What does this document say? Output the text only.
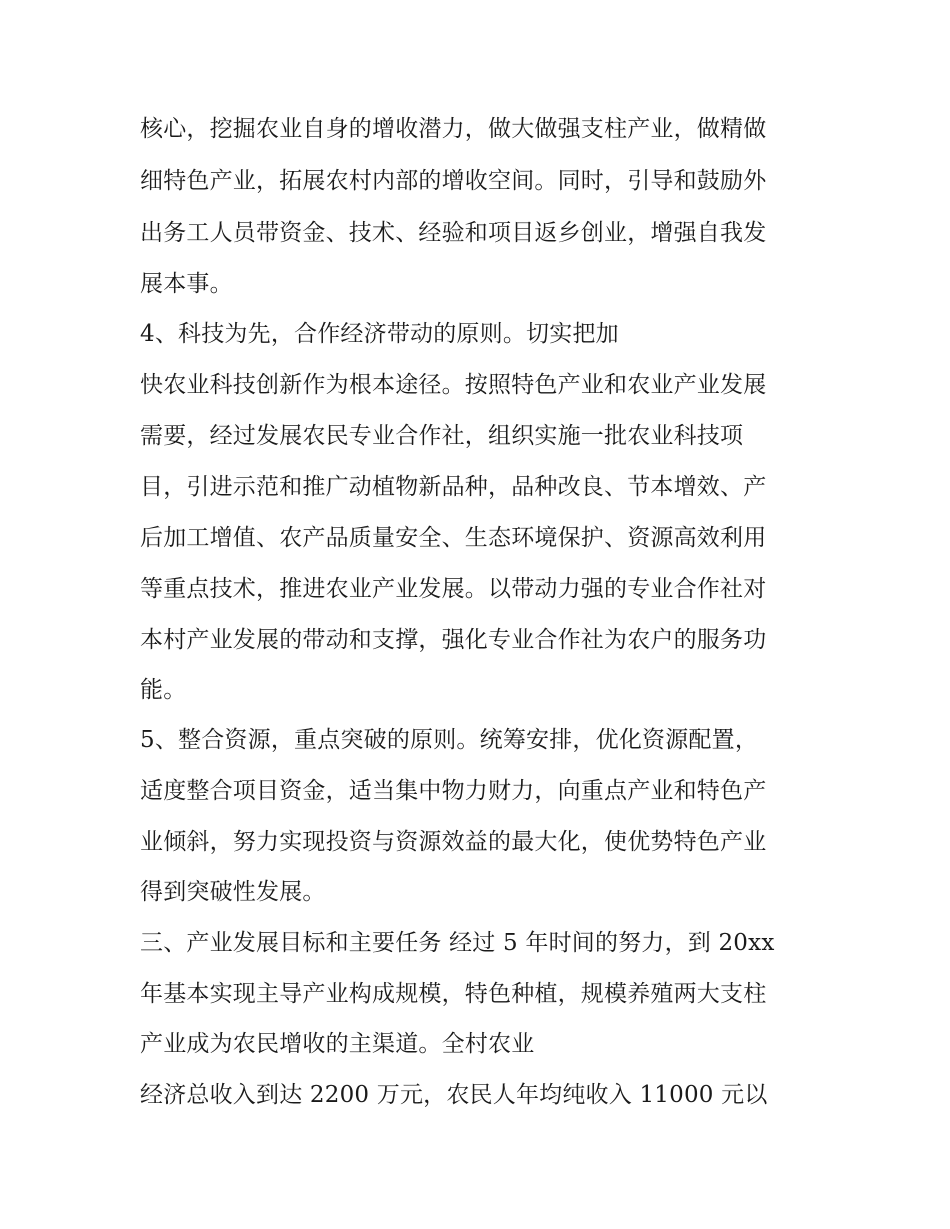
核心，挖掘农业自身的增收潜力，做大做强支柱产业，做精做
细特色产业，拓展农村内部的增收空间。同时，引导和鼓励外
出务工人员带资金、技术、经验和项目返乡创业，增强自我发
展本事。
4、科技为先，合作经济带动的原则。切实把加
快农业科技创新作为根本途径。按照特色产业和农业产业发展
需要，经过发展农民专业合作社，组织实施一批农业科技项
目，引进示范和推广动植物新品种，品种改良、节本增效、产
后加工增值、农产品质量安全、生态环境保护、资源高效利用
等重点技术，推进农业产业发展。以带动力强的专业合作社对
本村产业发展的带动和支撑，强化专业合作社为农户的服务功
能。
5、整合资源，重点突破的原则。统筹安排，优化资源配置，
适度整合项目资金，适当集中物力财力，向重点产业和特色产
业倾斜，努力实现投资与资源效益的最大化，使优势特色产业
得到突破性发展。
三、产业发展目标和主要任务 经过 5 年时间的努力，到 20xx
年基本实现主导产业构成规模，特色种植，规模养殖两大支柱
产业成为农民增收的主渠道。全村农业
经济总收入到达 2200 万元，农民人年均纯收入 11000 元以
